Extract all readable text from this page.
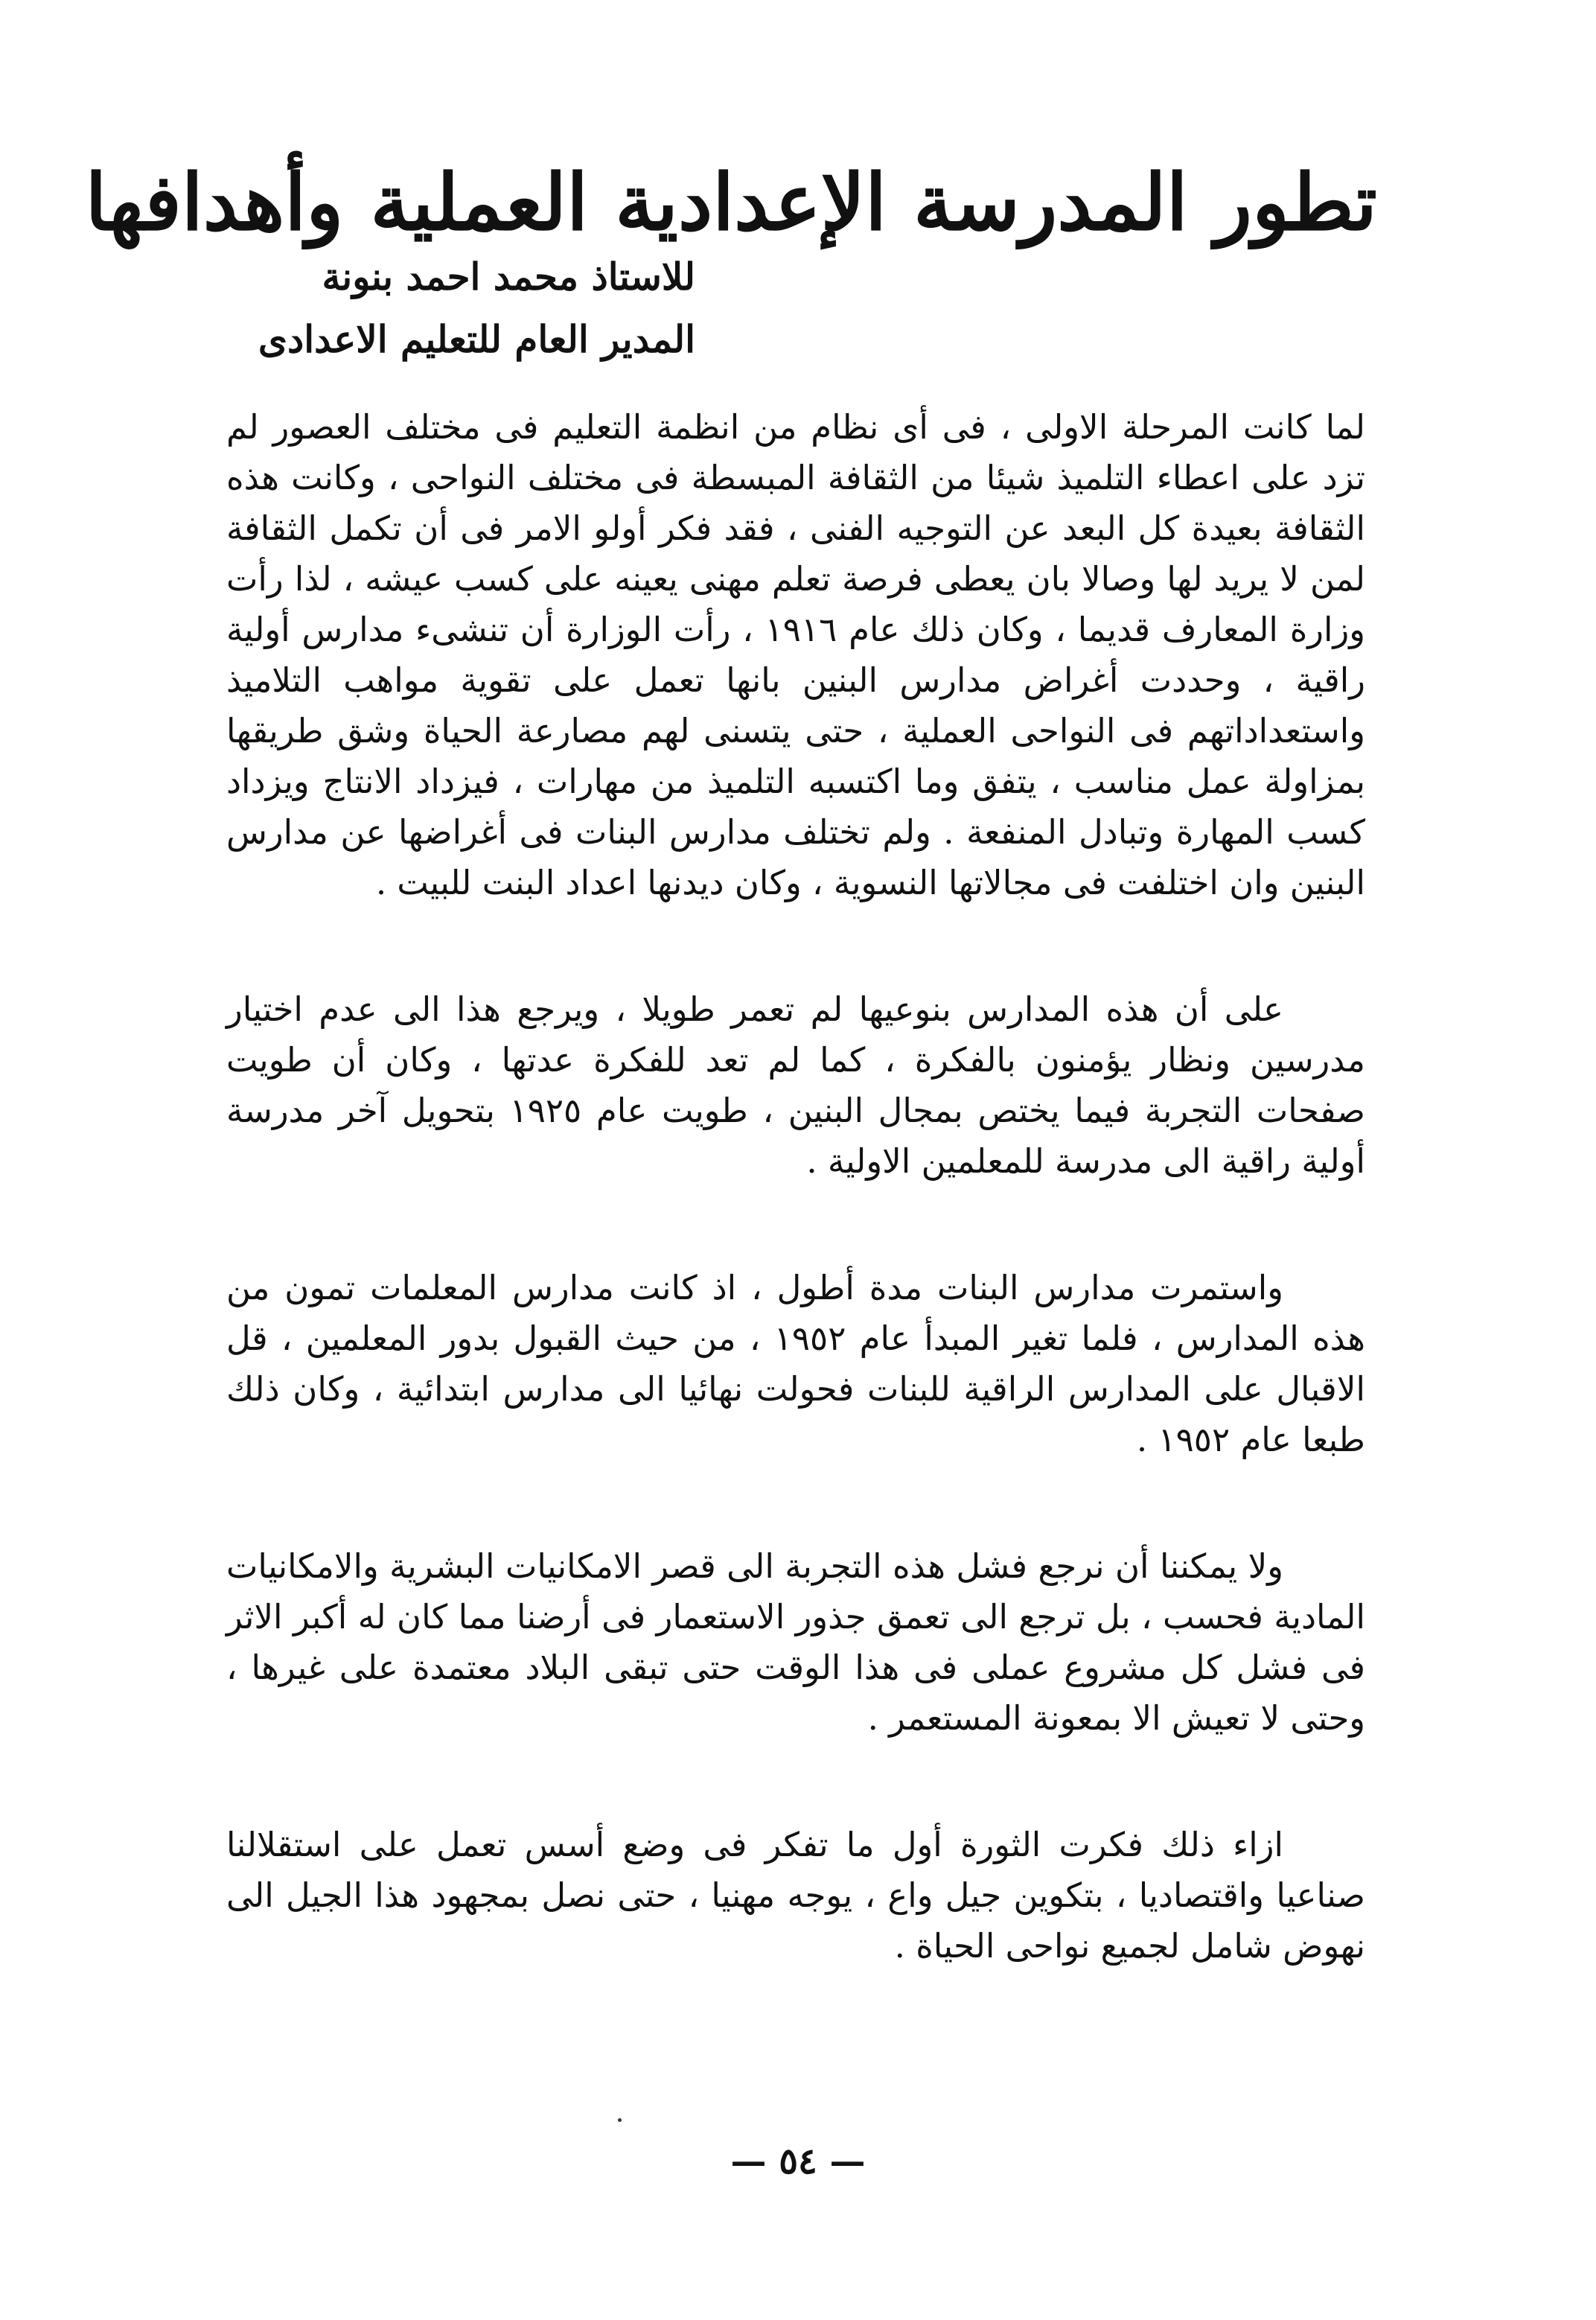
تطور المدرسة الإعدادية العملية وأهدافها
للاستاذ محمد احمد بنونة
المدير العام للتعليم الاعدادى

لما كانت المرحلة الاولى ، فى أى نظام من انظمة التعليم فى مختلف العصور لم تزد على اعطاء التلميذ شيئا من الثقافة المبسطة فى مختلف النواحى ، وكانت هذه الثقافة بعيدة كل البعد عن التوجيه الفنى ، فقد فكر أولو الامر فى أن تكمل الثقافة لمن لا يريد لها وصالا بان يعطى فرصة تعلم مهنى يعينه على كسب عيشه ، لذا رأت وزارة المعارف قديما ، وكان ذلك عام ١٩١٦ ، رأت الوزارة أن تنشىء مدارس أولية راقية ، وحددت أغراض مدارس البنين بانها تعمل على تقوية مواهب التلاميذ واستعداداتهم فى النواحى العملية ، حتى يتسنى لهم مصارعة الحياة وشق طريقها بمزاولة عمل مناسب ، يتفق وما اكتسبه التلميذ من مهارات ، فيزداد الانتاج ويزداد كسب المهارة وتبادل المنفعة . ولم تختلف مدارس البنات فى أغراضها عن مدارس البنين وان اختلفت فى مجالاتها النسوية ، وكان ديدنها اعداد البنت للبيت .

على أن هذه المدارس بنوعيها لم تعمر طويلا ، ويرجع هذا الى عدم اختيار مدرسين ونظار يؤمنون بالفكرة ، كما لم تعد للفكرة عدتها ، وكان أن طويت صفحات التجربة فيما يختص بمجال البنين ، طويت عام ١٩٢٥ بتحويل آخر مدرسة أولية راقية الى مدرسة للمعلمين الاولية .

واستمرت مدارس البنات مدة أطول ، اذ كانت مدارس المعلمات تمون من هذه المدارس ، فلما تغير المبدأ عام ١٩٥٢ ، من حيث القبول بدور المعلمين ، قل الاقبال على المدارس الراقية للبنات فحولت نهائيا الى مدارس ابتدائية ، وكان ذلك طبعا عام ١٩٥٢ .

ولا يمكننا أن نرجع فشل هذه التجربة الى قصر الامكانيات البشرية والامكانيات المادية فحسب ، بل ترجع الى تعمق جذور الاستعمار فى أرضنا مما كان له أكبر الاثر فى فشل كل مشروع عملى فى هذا الوقت حتى تبقى البلاد معتمدة على غيرها ، وحتى لا تعيش الا بمعونة المستعمر .

ازاء ذلك فكرت الثورة أول ما تفكر فى وضع أسس تعمل على استقلالنا صناعيا واقتصاديا ، بتكوين جيل واع ، يوجه مهنيا ، حتى نصل بمجهود هذا الجيل الى نهوض شامل لجميع نواحى الحياة .

— ٥٤ —
